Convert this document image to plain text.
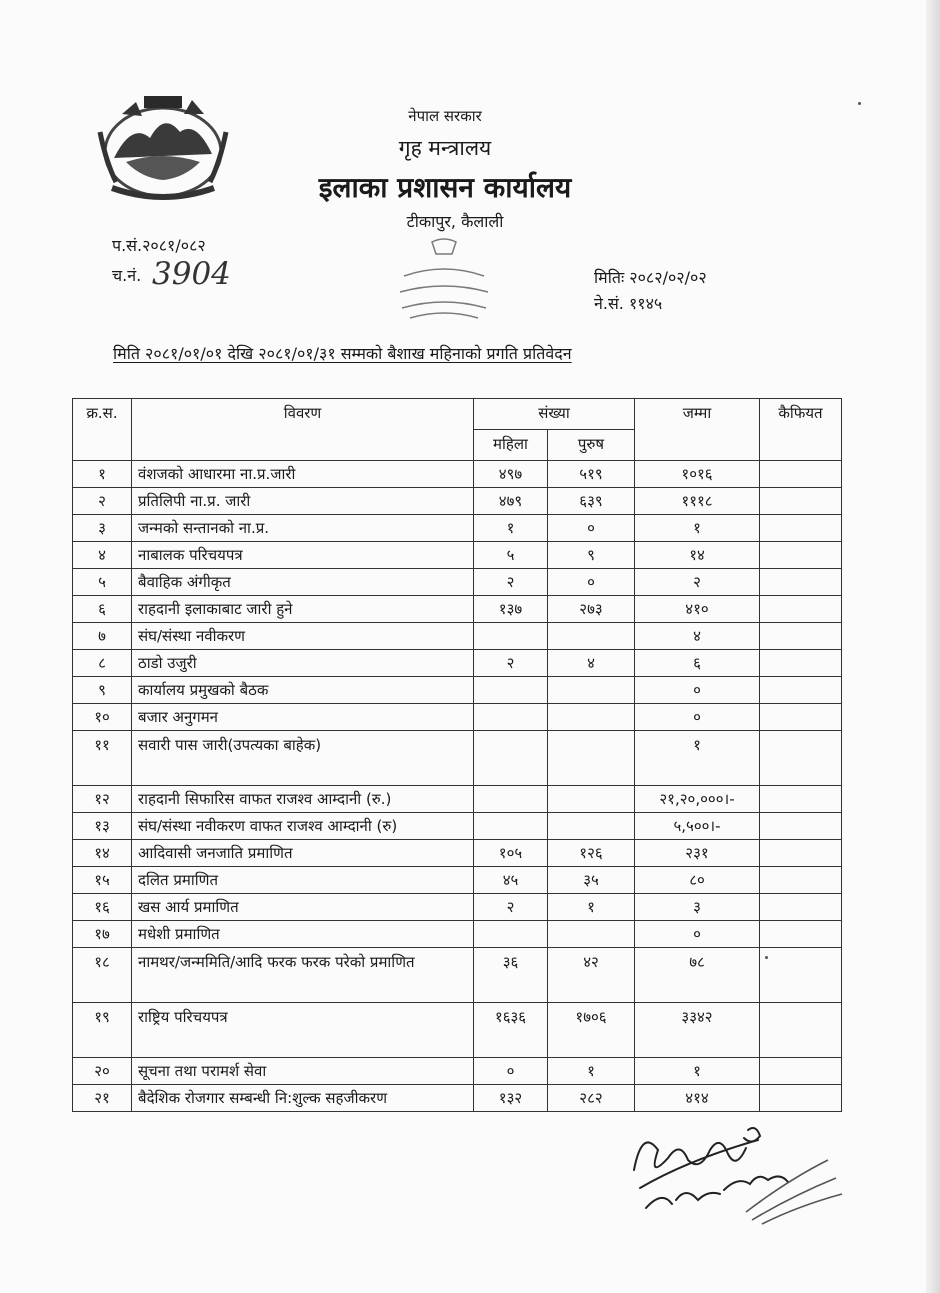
नेपाल सरकार
गृह मन्त्रालय
इलाका प्रशासन कार्यालय
टीकापुर, कैलाली
प.सं.२०८१/०८२
च.नं. 3904	मितिः २०८२/०२/०२
ने.सं. ११४५
मिति २०८१/०१/०१ देखि २०८१/०१/३१ सम्मको बैशाख महिनाको प्रगति प्रतिवेदन
क्र.स.	विवरण	संख्या		जम्मा	कैफियत
		महिला	पुरुष		
१	वंशजको आधारमा ना.प्र.जारी	४९७	५१९	१०१६	
२	प्रतिलिपी ना.प्र. जारी	४७९	६३९	१११८	
३	जन्मको सन्तानको ना.प्र.	१	०	१	
४	नाबालक परिचयपत्र	५	९	१४	
५	बैवाहिक अंगीकृत	२	०	२	
६	राहदानी इलाकाबाट जारी हुने	१३७	२७३	४१०	
७	संघ/संस्था नवीकरण			४	
८	ठाडो उजुरी	२	४	६	
९	कार्यालय प्रमुखको बैठक			०	
१०	बजार अनुगमन			०	
११	सवारी पास जारी(उपत्यका बाहेक)			१	
१२	राहदानी सिफारिस वाफत राजश्व आम्दानी (रु.)			२१,२०,०००।-	
१३	संघ/संस्था नवीकरण वाफत राजश्व आम्दानी (रु)			५,५००।-	
१४	आदिवासी जनजाति प्रमाणित	१०५	१२६	२३१	
१५	दलित प्रमाणित	४५	३५	८०	
१६	खस आर्य प्रमाणित	२	१	३	
१७	मधेशी प्रमाणित			०	
१८	नामथर/जन्ममिति/आदि फरक फरक परेको प्रमाणित	३६	४२	७८	
१९	राष्ट्रिय परिचयपत्र	१६३६	१७०६	३३४२	
२०	सूचना तथा परामर्श सेवा	०	१	१	
२१	बैदेशिक रोजगार सम्बन्धी नि:शुल्क सहजीकरण	१३२	२८२	४१४	
